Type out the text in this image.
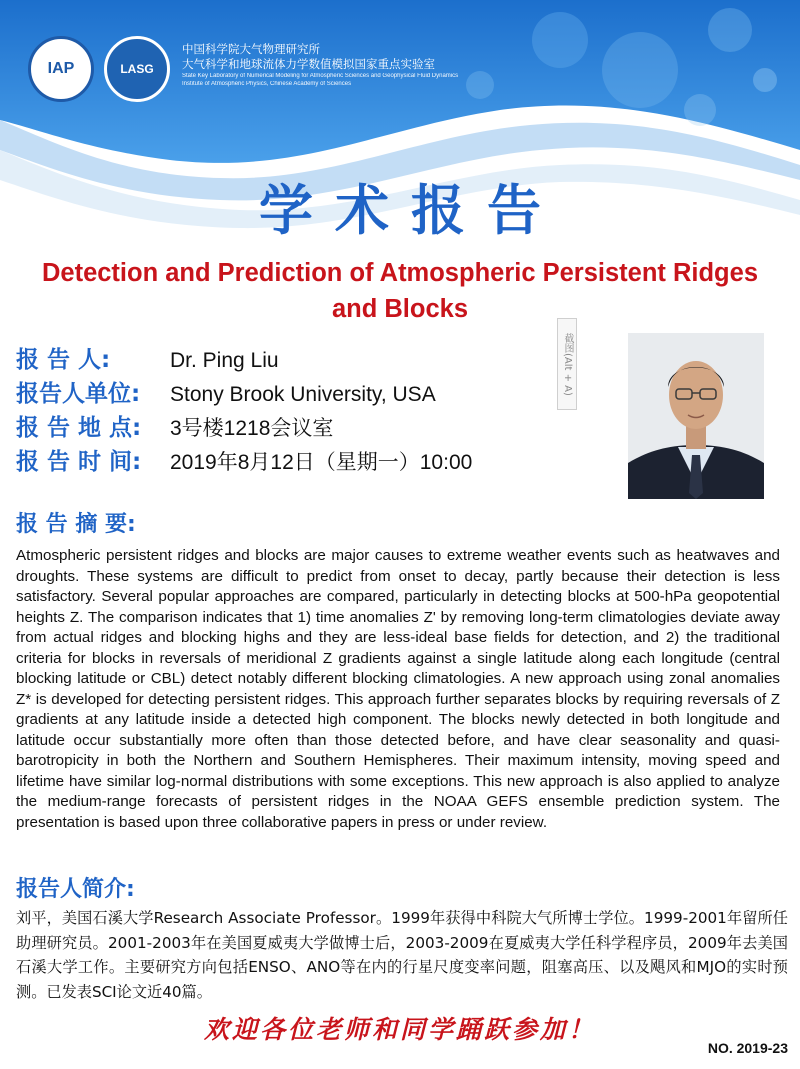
IAP	LASG
中国科学院大气物理研究所
大气科学和地球流体力学数值模拟国家重点实验室
State Key Laboratory of Numerical Modeling for Atmospheric Sciences and Geophysical Fluid Dynamics
Institute of Atmospheric Physics, Chinese Academy of Sciences
学术报告
Detection and Prediction of Atmospheric Persistent Ridges and Blocks
报 告 人:	Dr. Ping Liu
报告人单位:	Stony Brook University, USA
报 告 地 点:	3号楼1218会议室
报 告 时 间:	2019年8月12日（星期一）10:00
截图(Alt + A)
报 告 摘 要:

Atmospheric persistent ridges and blocks are major causes to extreme weather events such as heatwaves and droughts. These systems are difficult to predict from onset to decay, partly because their detection is less satisfactory. Several popular approaches are compared, particularly in detecting blocks at 500-hPa geopotential heights Z. The comparison indicates that 1) time anomalies Z' by removing long-term climatologies deviate away from actual ridges and blocking highs and they are less-ideal base fields for detection, and 2) the traditional criteria for blocks in reversals of meridional Z gradients against a single latitude along each longitude (central blocking latitude or CBL) detect notably different blocking climatologies. A new approach using zonal anomalies Z* is developed for detecting persistent ridges. This approach further separates blocks by requiring reversals of Z gradients at any latitude inside a detected high component. The blocks newly detected in both longitude and latitude occur substantially more often than those detected before, and have clear seasonality and quasi-barotropicity in both the Northern and Southern Hemispheres. Their maximum intensity, moving speed and lifetime have similar log-normal distributions with some exceptions. This new approach is also applied to analyze the medium-range forecasts of persistent ridges in the NOAA GEFS ensemble prediction system. The presentation is based upon three collaborative papers in press or under review.

报告人简介:

刘平，美国石溪大学Research Associate Professor。1999年获得中科院大气所博士学位。1999-2001年留所任助理研究员。2001-2003年在美国夏威夷大学做博士后，2003-2009在夏威夷大学任科学程序员，2009年去美国石溪大学工作。主要研究方向包括ENSO、ANO等在内的行星尺度变率问题，阻塞高压、以及飓风和MJO的实时预测。已发表SCI论文近40篇。

欢迎各位老师和同学踊跃参加！
NO. 2019-23
